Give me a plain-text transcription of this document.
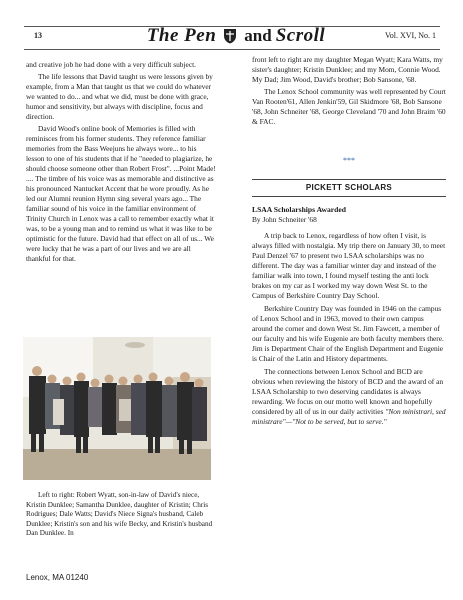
13	The Pen and Scroll	Vol. XVI, No. 1

and creative job he had done with a very difficult subject.

The life lessons that David taught us were lessons given by example, from a Man that taught us that we could do whatever we wanted to do... and what we did, must be done with grace, humor and sensitivity, but always with discipline, focus and direction.

David Wood's online book of Memories is filled with reminisces from his former students. They reference familiar memories from the Bass Weejuns he always wore... to his lesson to one of his students that if he "needed to plagiarize, he should choose someone other than Robert Frost". ...Point Made! .... The timbre of his voice was as memorable and distinctive as his pronounced Nantucket Accent that he wore proudly. As he led our Alumni reunion Hymn sing several years ago... The familiar sound of his voice in the familiar environment of Trinity Church in Lenox was a call to remember exactly what it was, to be a young man and to remind us what it was like to be optimistic for the future. David had that effect on all of us... We were lucky that he was a part of our lives and we are all thankful for that.

Left to right: Robert Wyatt, son-in-law of David's niece, Kristin Dunklee; Samantha Dunklee, daughter of Kristin; Chris Rodrigues; Dale Watts; David's Niece Signa's husband, Caleb Dunklee; Kristin's son and his wife Becky, and Kristin's husband Dan Dunklee. In

front left to right are my daughter Megan Wyatt; Kara Watts, my sister's daughter; Kristin Dunklee; and my Mom, Connie Wood. My Dad; Jim Wood, David's brother; Bob Sansone, '68.

The Lenox School community was well represented by Court Van Rooten'61, Allen Jenkin'59, Gil Skidmore '68, Bob Sansone '68, John Schneiter '68, George Cleveland '70 and John Braim '60 & FAC.

***
PICKETT SCHOLARS

LSAA Scholarships Awarded

By John Schneiter '68

A trip back to Lenox, regardless of how often I visit, is always filled with nostalgia. My trip there on January 30, to meet Paul Denzel '67 to present two LSAA scholarships was no different. The day was a familiar winter day and instead of the familiar walk into town, I found myself testing the anti lock brakes on my car as I worked my way down West St. to the Campus of Berkshire Country Day School.

Berkshire Country Day was founded in 1946 on the campus of Lenox School and in 1963, moved to their own campus around the corner and down West St. Jim Fawcett, a member of our faculty and his wife Eugenie are both faculty members there. Jim is Department Chair of the English Department and Eugenie is Chair of the Latin and History departments.

The connections between Lenox School and BCD are obvious when reviewing the history of BCD and the award of an LSAA Scholarship to two deserving candidates is always rewarding. We focus on our motto well known and hopefully considered by all of us in our daily activities "Non ministrari, sed ministrare"—"Not to be served, but to serve."

Lenox, MA 01240
